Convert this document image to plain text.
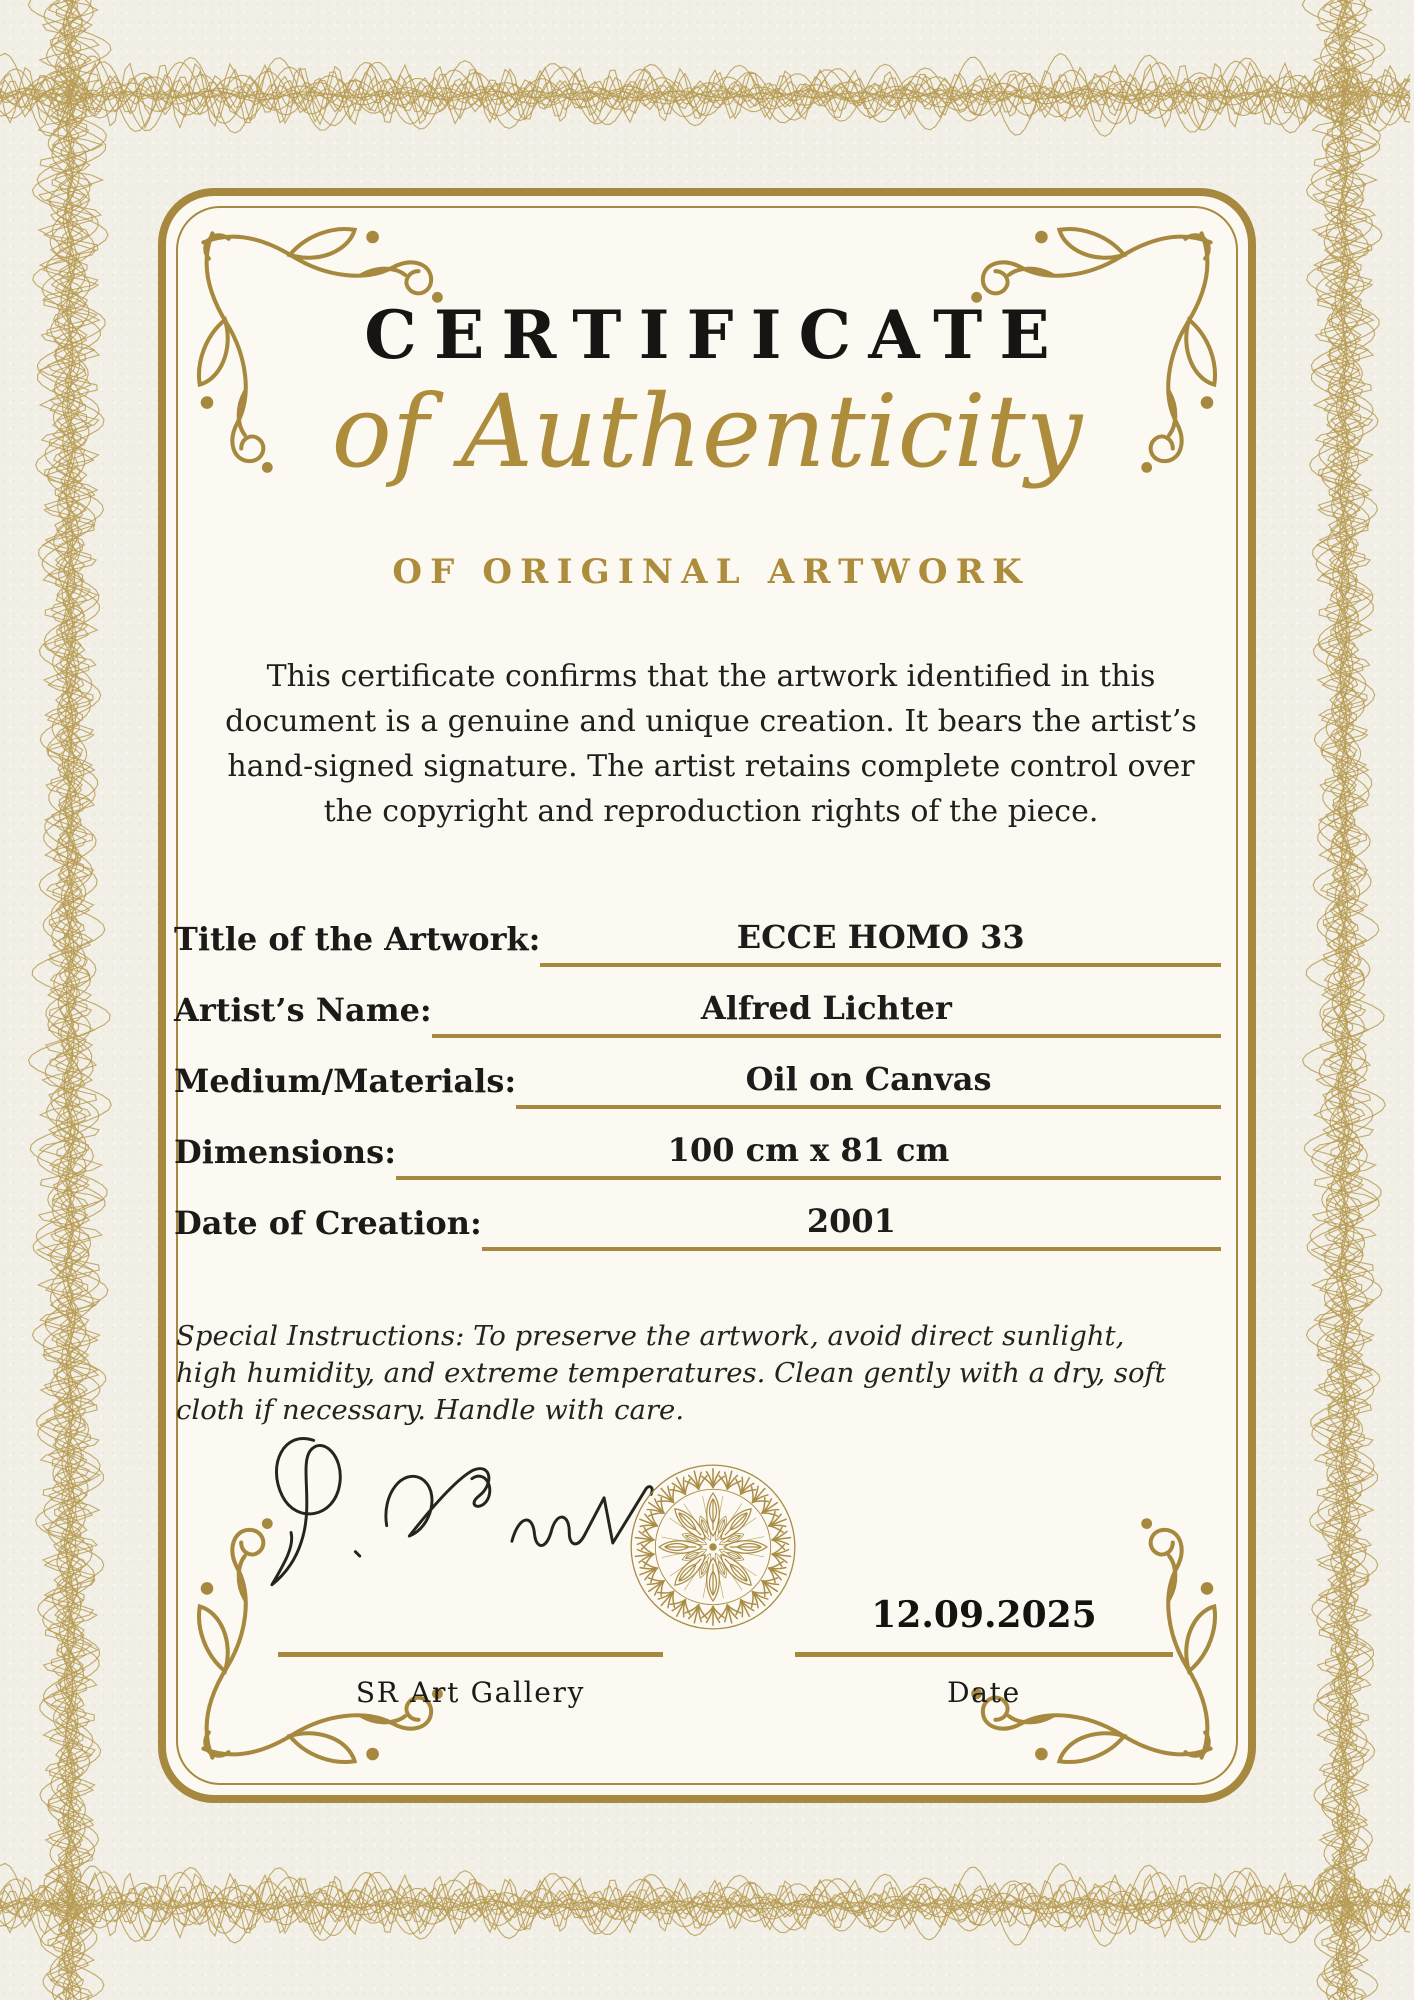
CERTIFICATE
of Authenticity
OF ORIGINAL ARTWORK
This certificate confirms that the artwork identified in this document is a genuine and unique creation. It bears the artist’s hand-signed signature. The artist retains complete control over the copyright and reproduction rights of the piece.
Title of the Artwork:	ECCE HOMO 33
Artist’s Name:	Alfred Lichter
Medium/Materials:	Oil on Canvas
Dimensions:	100 cm x 81 cm
Date of Creation:	2001
Special Instructions: To preserve the artwork, avoid direct sunlight, high humidity, and extreme temperatures. Clean gently with a dry, soft cloth if necessary. Handle with care.
12.09.2025
SR Art Gallery	Date
